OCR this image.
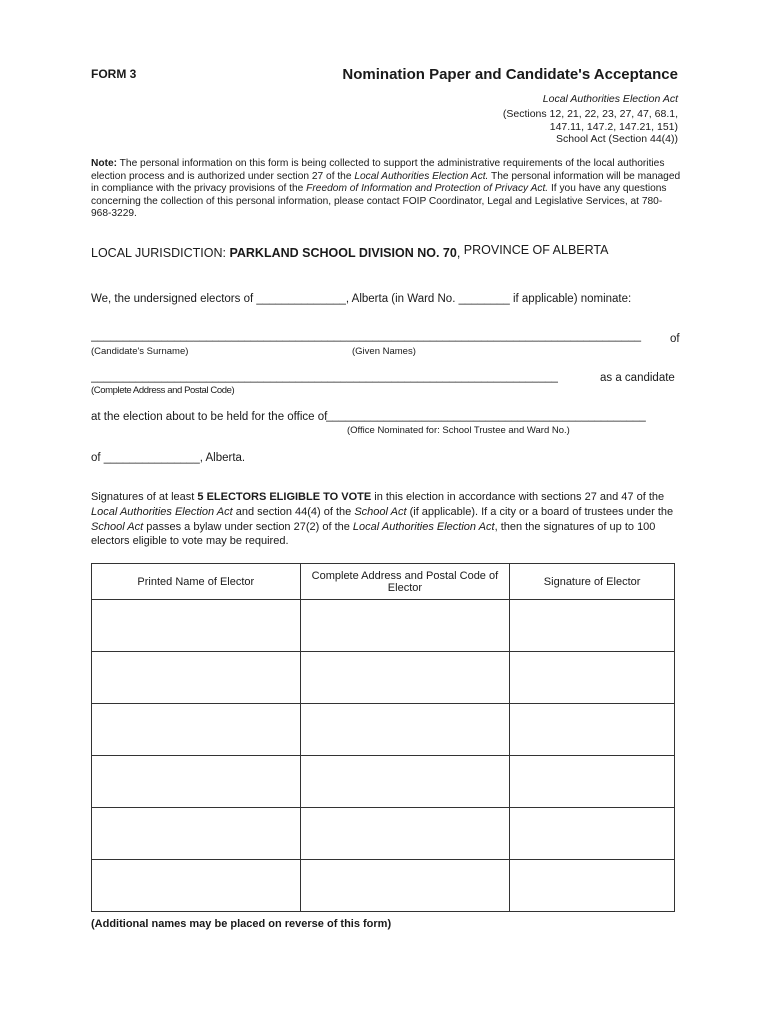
FORM 3	Nomination Paper and Candidate's Acceptance
Local Authorities Election Act
(Sections 12, 21, 22, 23, 27, 47, 68.1,
147.11, 147.2, 147.21, 151)
School Act (Section 44(4))
Note: The personal information on this form is being collected to support the administrative requirements of the local authorities election process and is authorized under section 27 of the Local Authorities Election Act. The personal information will be managed in compliance with the privacy provisions of the Freedom of Information and Protection of Privacy Act. If you have any questions concerning the collection of this personal information, please contact FOIP Coordinator, Legal and Legislative Services, at 780-968-3229.
LOCAL JURISDICTION: PARKLAND SCHOOL DIVISION NO. 70, PROVINCE OF ALBERTA
We, the undersigned electors of ______________, Alberta (in Ward No. ________ if applicable) nominate:
______________________________________________________________________________________	of
(Candidate's Surname)	(Given Names)
_________________________________________________________________________	as a candidate
(Complete Address and Postal Code)
at the election about to be held for the office of
__________________________________________________
(Office Nominated for: School Trustee and Ward No.)
of _______________, Alberta.
Signatures of at least 5 ELECTORS ELIGIBLE TO VOTE in this election in accordance with sections 27 and 47 of the Local Authorities Election Act and section 44(4) of the School Act (if applicable). If a city or a board of trustees under the School Act passes a bylaw under section 27(2) of the Local Authorities Election Act, then the signatures of up to 100 electors eligible to vote may be required.
Printed Name of Elector	Complete Address and Postal Code of Elector	Signature of Elector

(Additional names may be placed on reverse of this form)
